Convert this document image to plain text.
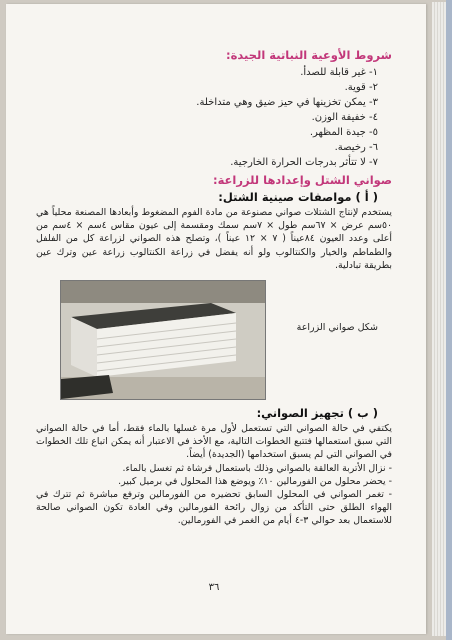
شروط الأوعية النباتية الجيدة:
١- غير قابلة للصدأ.
٢- قوية.
٣- يمكن تخزينها في حيز ضيق وهي متداخلة.
٤- خفيفة الوزن.
٥- جيدة المظهر.
٦- رخيصة.
٧- لا تتأثر بدرجات الحرارة الخارجية.
صواني الشتل وإعدادها للزراعة:
( أ ) مواصفات صينية الشتل:

يستخدم لإنتاج الشتلات صواني مصنوعة من مادة الفوم المضغوط وأبعادها المصنعة محلياً هي ٥٠سم عرض × ٦٧سم طول × ٧سم سمك ومقسمة إلى عيون مقاس ٤سم × ٤سم من أعلى وعدد العيون ٨٤عيناً ( ٧ × ١٢ عيناً )، وتصلح هذه الصواني لزراعة كل من الفلفل والطماطم والخيار والكنتالوب ولو أنه يفضل في زراعة الكنتالوب زراعة عين وترك عين بطريقة تبادلية.

شكل صواني الزراعة
( ب ) تجهيز الصواني:

يكتفي في حالة الصواني التي تستعمل لأول مرة غسلها بالماء فقط، أما في حالة الصواني التي سبق استعمالها فتتبع الخطوات التالية، مع الأخذ في الاعتبار أنه يمكن اتباع تلك الخطوات في الصواني التي لم يسبق استخدامها (الجديدة) أيضاً.

- نزال الأتربة العالقة بالصواني وذلك باستعمال فرشاة ثم تغسل بالماء.
- يحضر محلول من الفورمالين ١٠٪ ويوضع هذا المحلول في برميل كبير.
- تغمر الصواني في المحلول السابق تحضيره من الفورمالين وترفع مباشرة ثم تترك في الهواء الطلق حتى التأكد من زوال رائحة الفورمالين وفي العادة تكون الصواني صالحة للاستعمال بعد حوالي ٣-٤ أيام من الغمر في الفورمالين.
٣٦
